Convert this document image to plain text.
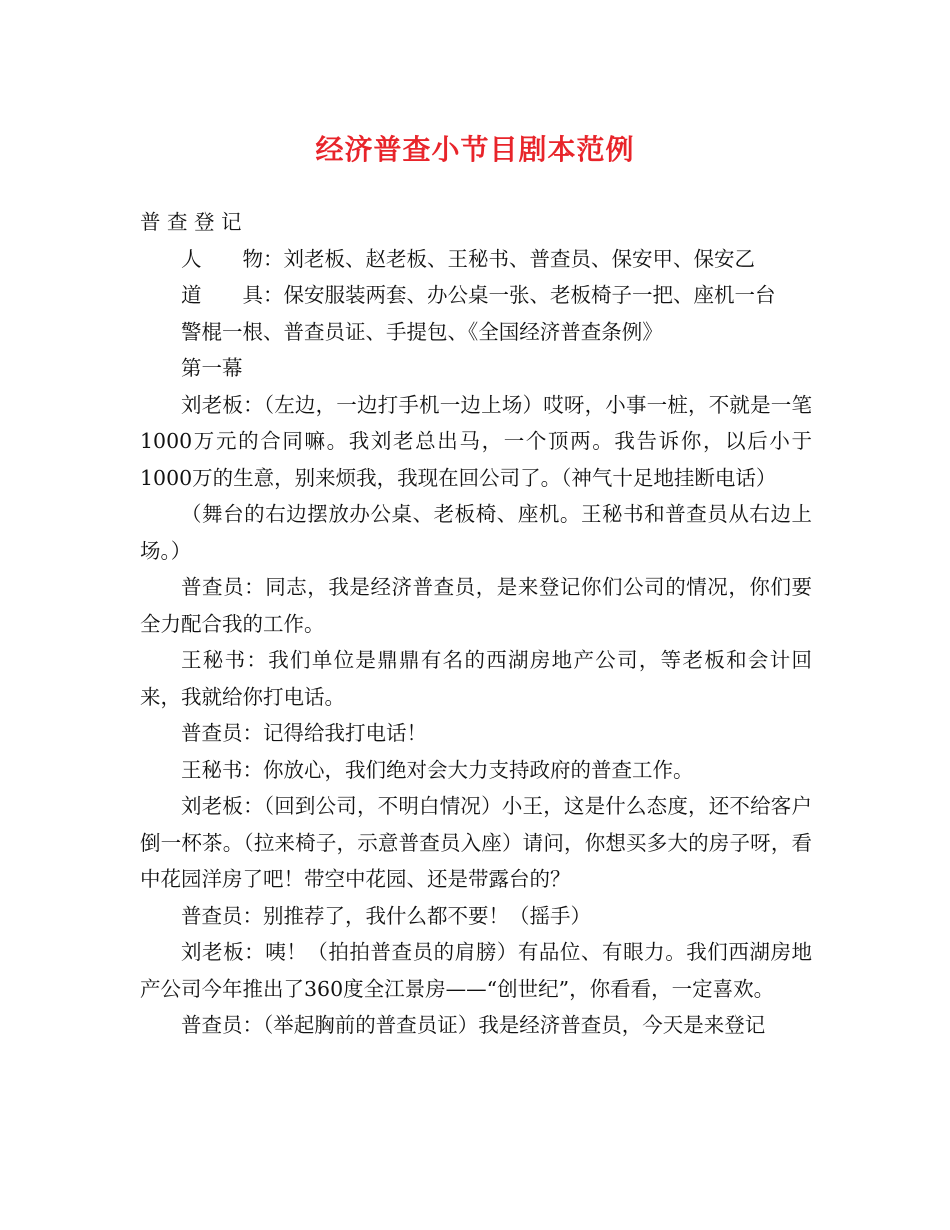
经济普查小节目剧本范例

普 查 登 记

人　　物：刘老板、赵老板、王秘书、普查员、保安甲、保安乙

道　　具：保安服装两套、办公桌一张、老板椅子一把、座机一台

警棍一根、普查员证、手提包、《全国经济普查条例》

第一幕

刘老板：（左边，一边打手机一边上场）哎呀，小事一桩，不就是一笔1000万元的合同嘛。我刘老总出马，一个顶两。我告诉你，以后小于1000万的生意，别来烦我，我现在回公司了。（神气十足地挂断电话）

（舞台的右边摆放办公桌、老板椅、座机。王秘书和普查员从右边上场。）

普查员：同志，我是经济普查员，是来登记你们公司的情况，你们要全力配合我的工作。

王秘书：我们单位是鼎鼎有名的西湖房地产公司，等老板和会计回来，我就给你打电话。

普查员：记得给我打电话！

王秘书：你放心，我们绝对会大力支持政府的普查工作。

刘老板：（回到公司，不明白情况）小王，这是什么态度，还不给客户倒一杯茶。（拉来椅子，示意普查员入座）请问，你想买多大的房子呀，看中花园洋房了吧！带空中花园、还是带露台的？

普查员：别推荐了，我什么都不要！（摇手）

刘老板：咦！（拍拍普查员的肩膀）有品位、有眼力。我们西湖房地产公司今年推出了360度全江景房——“创世纪”，你看看，一定喜欢。

普查员：（举起胸前的普查员证）我是经济普查员，今天是来登记
